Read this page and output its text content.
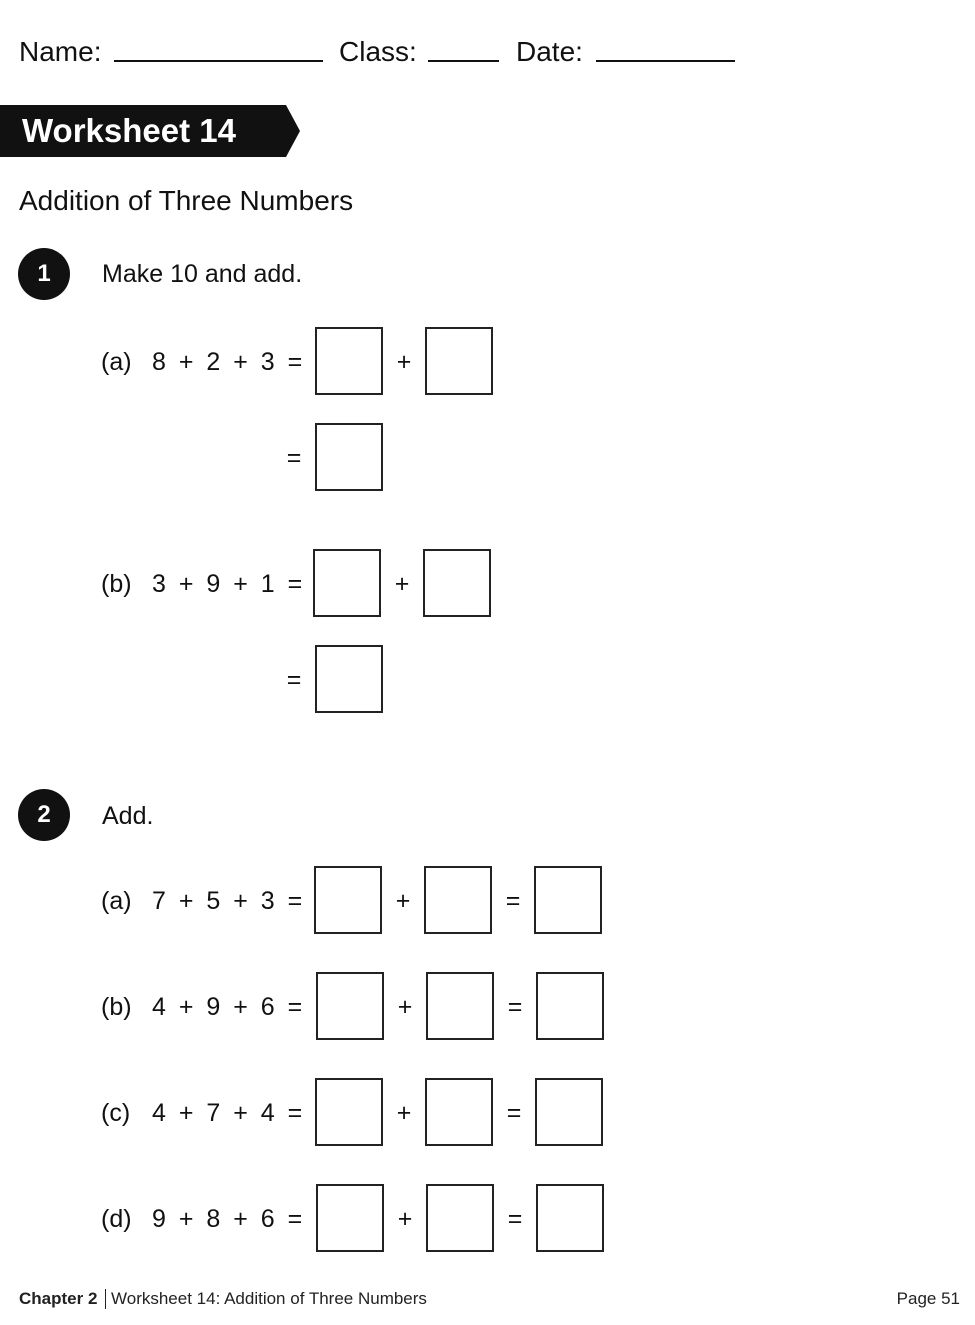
Name:	Class:	Date:
Worksheet 14
Addition of Three Numbers
1	Make 10 and add.
(a) 8 + 2 + 3 =	+
=
(b) 3 + 9 + 1 =	+
=
2	Add.
(a) 7 + 5 + 3 =	+	=
(b) 4 + 9 + 6 =	+	=
(c) 4 + 7 + 4 =	+	=
(d) 9 + 8 + 6 =	+	=
Chapter 2 Worksheet 14: Addition of Three Numbers	Page 51
